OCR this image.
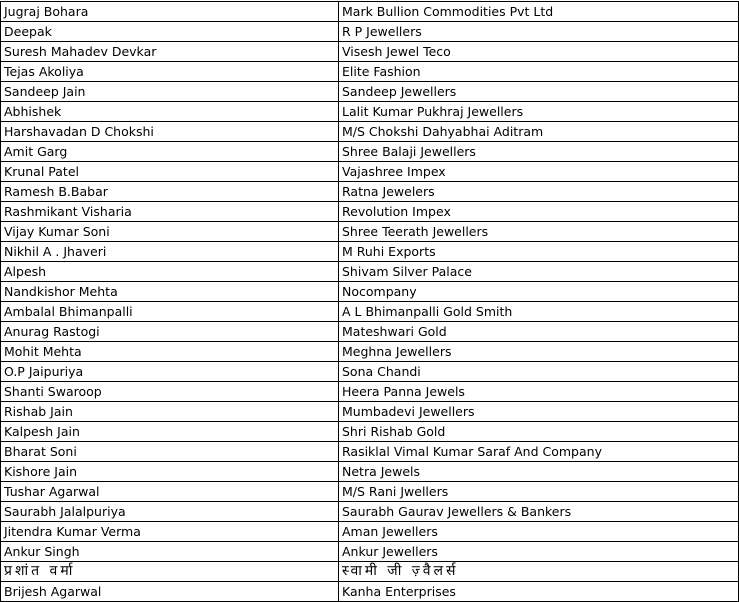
Jugraj Bohara	Mark Bullion Commodities Pvt Ltd
Deepak	R P Jewellers
Suresh Mahadev Devkar	Visesh Jewel Teco
Tejas Akoliya	Elite Fashion
Sandeep Jain	Sandeep Jewellers
Abhishek	Lalit Kumar Pukhraj Jewellers
Harshavadan D Chokshi	M/S Chokshi Dahyabhai Aditram
Amit Garg	Shree Balaji Jewellers
Krunal Patel	Vajashree Impex
Ramesh B.Babar	Ratna Jewelers
Rashmikant Visharia	Revolution Impex
Vijay Kumar Soni	Shree Teerath Jewellers
Nikhil A . Jhaveri	M Ruhi Exports
Alpesh	Shivam Silver Palace
Nandkishor Mehta	Nocompany
Ambalal Bhimanpalli	A L Bhimanpalli Gold Smith
Anurag Rastogi	Mateshwari Gold
Mohit Mehta	Meghna Jewellers
O.P Jaipuriya	Sona Chandi
Shanti Swaroop	Heera Panna Jewels
Rishab Jain	Mumbadevi Jewellers
Kalpesh Jain	Shri Rishab Gold
Bharat Soni	Rasiklal Vimal Kumar Saraf And Company
Kishore Jain	Netra Jewels
Tushar Agarwal	M/S Rani Jwellers
Saurabh Jalalpuriya	Saurabh Gaurav Jewellers & Bankers
Jitendra Kumar Verma	Aman Jewellers
Ankur Singh	Ankur Jewellers
प्रशांत वर्मा	स्वामी जी ज़्वैलर्स
Brijesh Agarwal	Kanha Enterprises
